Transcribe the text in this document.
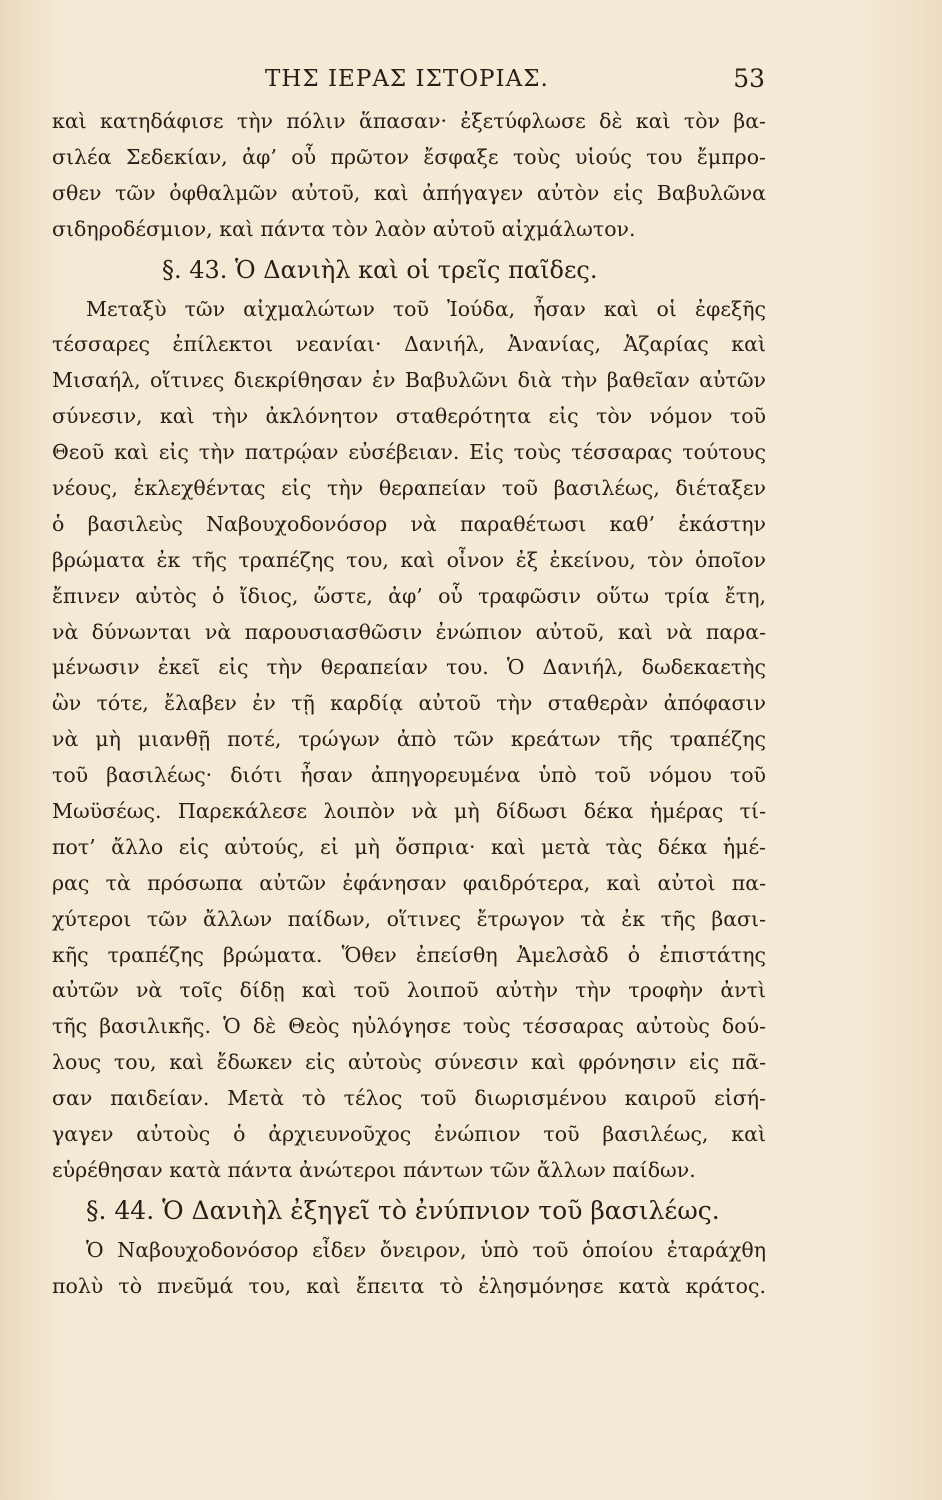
ΤΗΣ ΙΕΡΑΣ ΙΣΤΟΡΙΑΣ.	53
καὶ κατηδάφισε τὴν πόλιν ἅπασαν· ἐξετύφλωσε δὲ καὶ τὸν βα-
σιλέα Σεδεκίαν, ἀφ’ οὗ πρῶτον ἔσφαξε τοὺς υἱούς του ἔμπρο-
σθεν τῶν ὀφθαλμῶν αὐτοῦ, καὶ ἀπήγαγεν αὐτὸν εἰς Βαβυλῶνα
σιδηροδέσμιον, καὶ πάντα τὸν λαὸν αὐτοῦ αἰχμάλωτον.
§. 43. Ὁ Δανιὴλ καὶ οἱ τρεῖς παῖδες.
Μεταξὺ τῶν αἰχμαλώτων τοῦ Ἰούδα, ἦσαν καὶ οἱ ἐφεξῆς
τέσσαρες ἐπίλεκτοι νεανίαι· Δανιήλ, Ἀνανίας, Ἀζαρίας καὶ
Μισαήλ, οἵτινες διεκρίθησαν ἐν Βαβυλῶνι διὰ τὴν βαθεῖαν αὐτῶν
σύνεσιν, καὶ τὴν ἀκλόνητον σταθερότητα εἰς τὸν νόμον τοῦ
Θεοῦ καὶ εἰς τὴν πατρῴαν εὐσέβειαν. Εἰς τοὺς τέσσαρας τούτους
νέους, ἐκλεχθέντας εἰς τὴν θεραπείαν τοῦ βασιλέως, διέταξεν
ὁ βασιλεὺς Ναβουχοδονόσορ νὰ παραθέτωσι καθ’ ἑκάστην
βρώματα ἐκ τῆς τραπέζης του, καὶ οἶνον ἐξ ἐκείνου, τὸν ὁποῖον
ἔπινεν αὐτὸς ὁ ἴδιος, ὥστε, ἀφ’ οὗ τραφῶσιν οὕτω τρία ἔτη,
νὰ δύνωνται νὰ παρουσιασθῶσιν ἐνώπιον αὐτοῦ, καὶ νὰ παρα-
μένωσιν ἐκεῖ εἰς τὴν θεραπείαν του. Ὁ Δανιήλ, δωδεκαετὴς
ὢν τότε, ἔλαβεν ἐν τῇ καρδίᾳ αὐτοῦ τὴν σταθερὰν ἀπόφασιν
νὰ μὴ μιανθῇ ποτέ, τρώγων ἀπὸ τῶν κρεάτων τῆς τραπέζης
τοῦ βασιλέως· διότι ἦσαν ἀπηγορευμένα ὑπὸ τοῦ νόμου τοῦ
Μωϋσέως. Παρεκάλεσε λοιπὸν νὰ μὴ δίδωσι δέκα ἡμέρας τί-
ποτ’ ἄλλο εἰς αὐτούς, εἰ μὴ ὄσπρια· καὶ μετὰ τὰς δέκα ἡμέ-
ρας τὰ πρόσωπα αὐτῶν ἐφάνησαν φαιδρότερα, καὶ αὐτοὶ πα-
χύτεροι τῶν ἄλλων παίδων, οἵτινες ἔτρωγον τὰ ἐκ τῆς βασι-
κῆς τραπέζης βρώματα. Ὅθεν ἐπείσθη Ἀμελσὰδ ὁ ἐπιστάτης
αὐτῶν νὰ τοῖς δίδῃ καὶ τοῦ λοιποῦ αὐτὴν τὴν τροφὴν ἀντὶ
τῆς βασιλικῆς. Ὁ δὲ Θεὸς ηὐλόγησε τοὺς τέσσαρας αὐτοὺς δού-
λους του, καὶ ἔδωκεν εἰς αὐτοὺς σύνεσιν καὶ φρόνησιν εἰς πᾶ-
σαν παιδείαν. Μετὰ τὸ τέλος τοῦ διωρισμένου καιροῦ εἰσή-
γαγεν αὐτοὺς ὁ ἀρχιευνοῦχος ἐνώπιον τοῦ βασιλέως, καὶ
εὑρέθησαν κατὰ πάντα ἀνώτεροι πάντων τῶν ἄλλων παίδων.
§. 44. Ὁ Δανιὴλ ἐξηγεῖ τὸ ἐνύπνιον τοῦ βασιλέως.
Ὁ Ναβουχοδονόσορ εἶδεν ὄνειρον, ὑπὸ τοῦ ὁποίου ἐταράχθη
πολὺ τὸ πνεῦμά του, καὶ ἔπειτα τὸ ἐλησμόνησε κατὰ κράτος.
